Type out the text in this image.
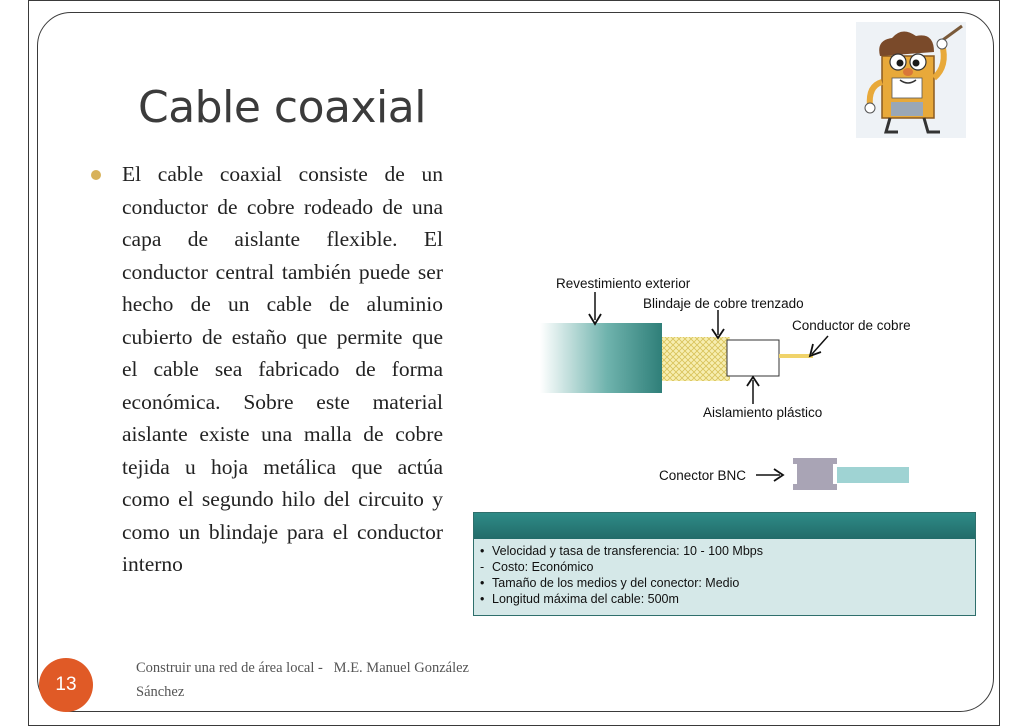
Cable coaxial
El cable coaxial consiste de un conductor de cobre rodeado de una capa de aislante flexible. El conductor central también puede ser hecho de un cable de aluminio cubierto de estaño que permite que el cable sea fabricado de forma económica. Sobre este material aislante existe una malla de cobre tejida u hoja metálica que actúa como el segundo hilo del circuito y como un blindaje para el conductor interno
Revestimiento exterior
Blindaje de cobre trenzado
Conductor de cobre
Aislamiento plástico
Conector BNC
• Velocidad y tasa de transferencia: 10 - 100 Mbps
- Costo: Económico
• Tamaño de los medios y del conector: Medio
• Longitud máxima del cable: 500m
Construir una red de área local -   M.E. Manuel González
Sánchez
13
